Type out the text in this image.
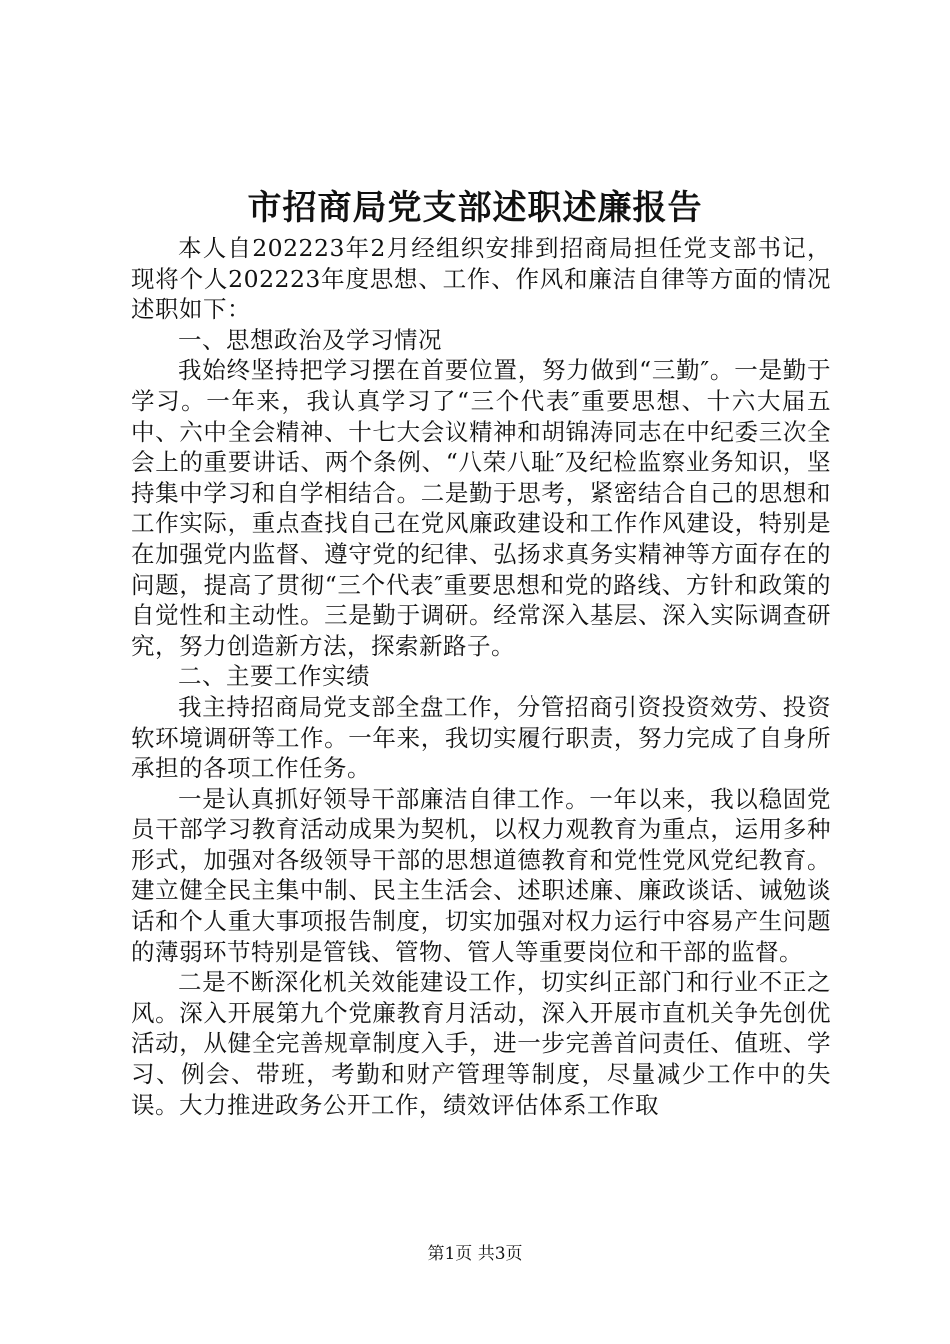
市招商局党支部述职述廉报告

本人自202223年2月经组织安排到招商局担任党支部书记，现将个人202223年度思想、工作、作风和廉洁自律等方面的情况述职如下：

一、思想政治及学习情况

我始终坚持把学习摆在首要位置，努力做到“三勤″。一是勤于学习。一年来，我认真学习了“三个代表″重要思想、十六大届五中、六中全会精神、十七大会议精神和胡锦涛同志在中纪委三次全会上的重要讲话、两个条例、“八荣八耻″及纪检监察业务知识，坚持集中学习和自学相结合。二是勤于思考，紧密结合自己的思想和工作实际，重点查找自己在党风廉政建设和工作作风建设，特别是在加强党内监督、遵守党的纪律、弘扬求真务实精神等方面存在的问题，提高了贯彻“三个代表″重要思想和党的路线、方针和政策的自觉性和主动性。三是勤于调研。经常深入基层、深入实际调查研究，努力创造新方法，探索新路子。

二、主要工作实绩

我主持招商局党支部全盘工作，分管招商引资投资效劳、投资软环境调研等工作。一年来，我切实履行职责，努力完成了自身所承担的各项工作任务。

一是认真抓好领导干部廉洁自律工作。一年以来，我以稳固党员干部学习教育活动成果为契机，以权力观教育为重点，运用多种形式，加强对各级领导干部的思想道德教育和党性党风党纪教育。建立健全民主集中制、民主生活会、述职述廉、廉政谈话、诫勉谈话和个人重大事项报告制度，切实加强对权力运行中容易产生问题的薄弱环节特别是管钱、管物、管人等重要岗位和干部的监督。

二是不断深化机关效能建设工作，切实纠正部门和行业不正之风。深入开展第九个党廉教育月活动，深入开展市直机关争先创优活动，从健全完善规章制度入手，进一步完善首问责任、值班、学习、例会、带班，考勤和财产管理等制度，尽量减少工作中的失误。大力推进政务公开工作，绩效评估体系工作取

第1页 共3页
